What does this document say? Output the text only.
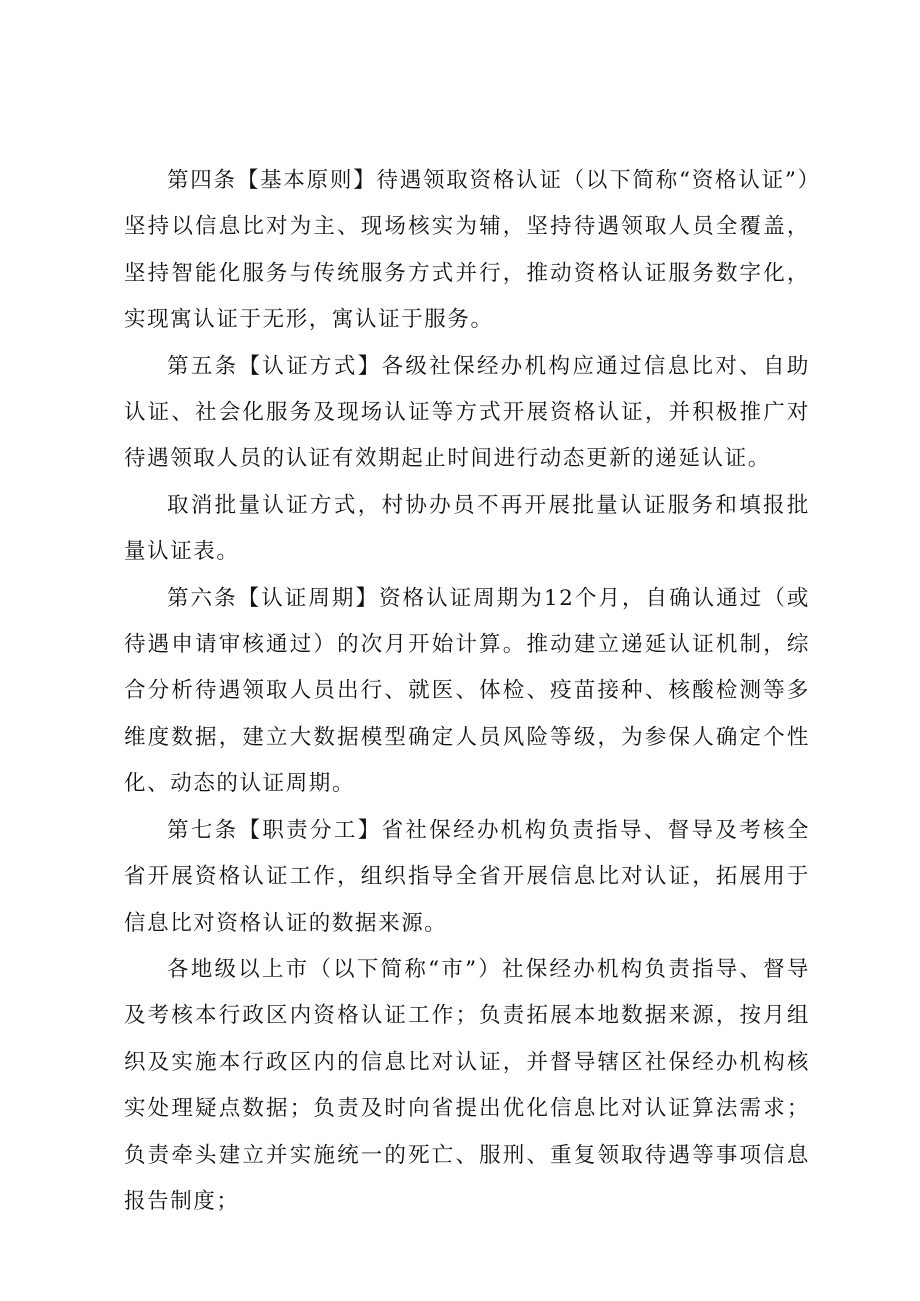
第四条【基本原则】待遇领取资格认证（以下简称“资格认证”）坚持以信息比对为主、现场核实为辅，坚持待遇领取人员全覆盖，坚持智能化服务与传统服务方式并行，推动资格认证服务数字化，实现寓认证于无形，寓认证于服务。

第五条【认证方式】各级社保经办机构应通过信息比对、自助认证、社会化服务及现场认证等方式开展资格认证，并积极推广对待遇领取人员的认证有效期起止时间进行动态更新的递延认证。

取消批量认证方式，村协办员不再开展批量认证服务和填报批量认证表。

第六条【认证周期】资格认证周期为12个月，自确认通过（或待遇申请审核通过）的次月开始计算。推动建立递延认证机制，综合分析待遇领取人员出行、就医、体检、疫苗接种、核酸检测等多维度数据，建立大数据模型确定人员风险等级，为参保人确定个性化、动态的认证周期。

第七条【职责分工】省社保经办机构负责指导、督导及考核全省开展资格认证工作，组织指导全省开展信息比对认证，拓展用于信息比对资格认证的数据来源。

各地级以上市（以下简称“市”）社保经办机构负责指导、督导及考核本行政区内资格认证工作；负责拓展本地数据来源，按月组织及实施本行政区内的信息比对认证，并督导辖区社保经办机构核实处理疑点数据；负责及时向省提出优化信息比对认证算法需求；负责牵头建立并实施统一的死亡、服刑、重复领取待遇等事项信息报告制度；
